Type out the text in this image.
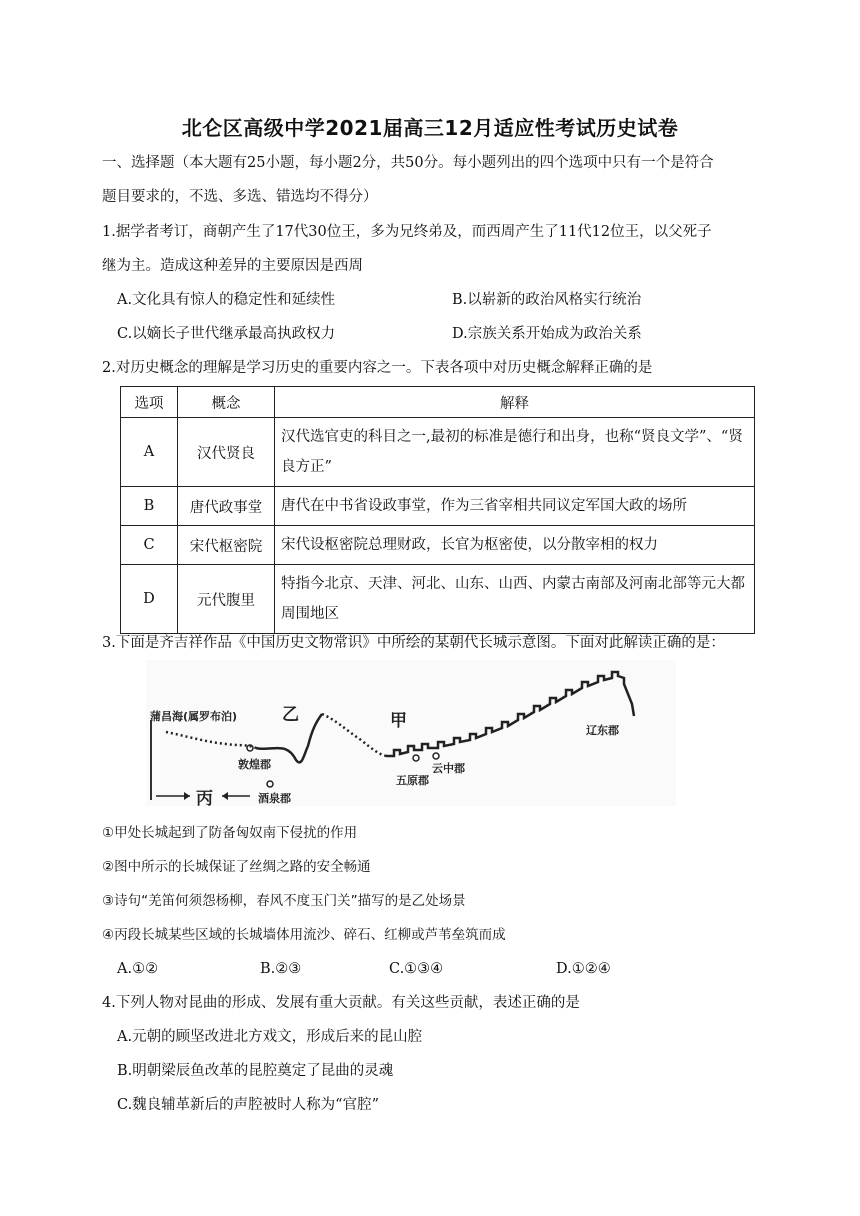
北仑区高级中学2021届高三12月适应性考试历史试卷
一、选择题（本大题有25小题，每小题2分，共50分。每小题列出的四个选项中只有一个是符合
题目要求的，不选、多选、错选均不得分）
1.据学者考订，商朝产生了17代30位王，多为兄终弟及，而西周产生了11代12位王，以父死子
继为主。造成这种差异的主要原因是西周
A.文化具有惊人的稳定性和延续性	B.以崭新的政治风格实行统治
C.以嫡长子世代继承最高执政权力	D.宗族关系开始成为政治关系
2.对历史概念的理解是学习历史的重要内容之一。下表各项中对历史概念解释正确的是
选项	概念	解释
A	汉代贤良	汉代选官吏的科目之一,最初的标准是德行和出身，也称“贤良文学”、“贤良方正”
B	唐代政事堂	唐代在中书省设政事堂，作为三省宰相共同议定军国大政的场所
C	宋代枢密院	宋代设枢密院总理财政，长官为枢密使，以分散宰相的权力
D	元代腹里	特指今北京、天津、河北、山东、山西、内蒙古南部及河南北部等元大都周围地区
3.下面是齐吉祥作品《中国历史文物常识》中所绘的某朝代长城示意图。下面对此解读正确的是：
蒲昌海(属罗布泊)	乙	甲
丙
敦煌郡
酒泉郡
五原郡
云中郡
辽东郡
①甲处长城起到了防备匈奴南下侵扰的作用
②图中所示的长城保证了丝绸之路的安全畅通
③诗句“羌笛何须怨杨柳，春风不度玉门关”描写的是乙处场景
④丙段长城某些区域的长城墙体用流沙、碎石、红柳或芦苇垒筑而成
A.①②	B.②③	C.①③④	D.①②④
4.下列人物对昆曲的形成、发展有重大贡献。有关这些贡献，表述正确的是
A.元朝的顾坚改进北方戏文，形成后来的昆山腔
B.明朝梁辰鱼改革的昆腔奠定了昆曲的灵魂
C.魏良辅革新后的声腔被时人称为“官腔”
